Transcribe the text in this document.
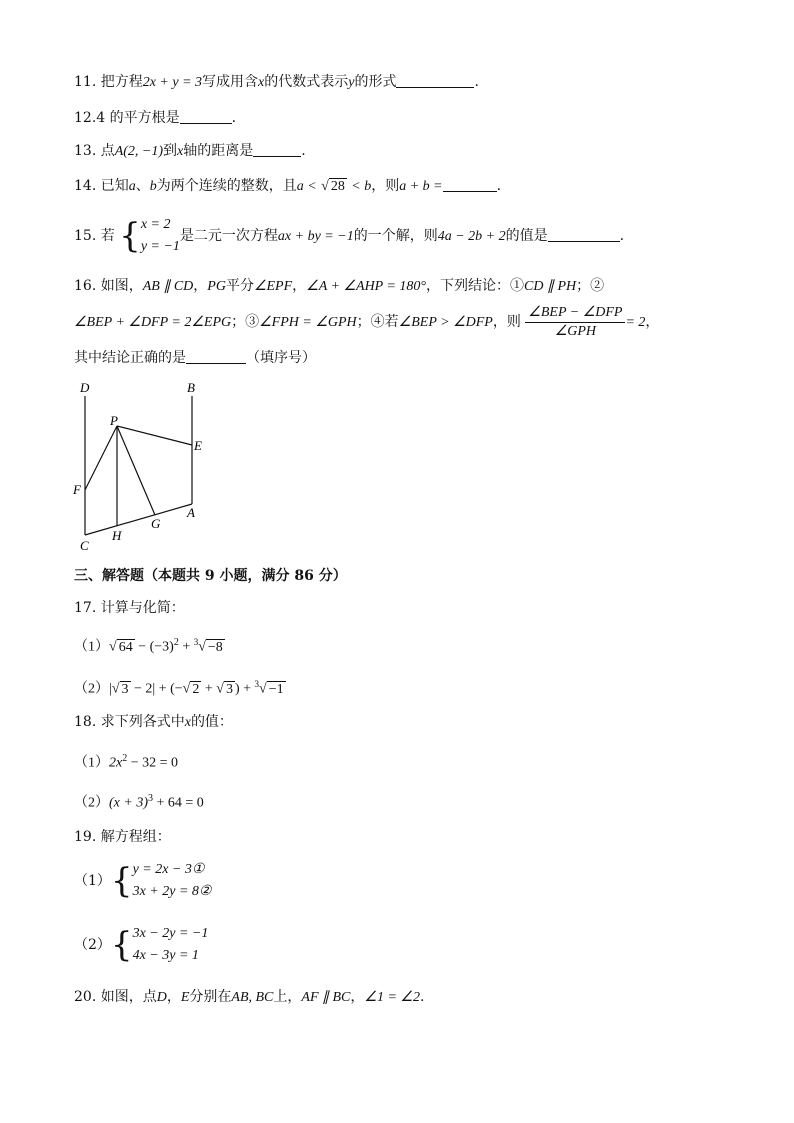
11. 把方程2x + y = 3写成用含x的代数式表示y的形式	.
12.4 的平方根是	.
13. 点A(2, −1)到x轴的距离是	.
14. 已知a、b为两个连续的整数，且a < √ 28 < b，则a + b =	.
15. 若 { x = 2
y = −1
是二元一次方程ax + by = −1的一个解，则4a − 2b + 2的值是	.
16. 如图，AB ∥ CD，PG平分∠EPF，∠A + ∠AHP = 180°，下列结论：①CD ∥ PH；②
∠BEP + ∠DFP = 2∠EPG；③∠FPH = ∠GPH；④若∠BEP > ∠DFP，则 $\frac{\text{∠BEP − ∠DFP}}{\text{∠GPH}} = 2$，
其中结论正确的是	（填序号）
D	B
P
E
F
G
A
H
C
三、解答题（本题共 9 小题，满分 86 分）
17. 计算与化简：
（1）√ $64 - (-3)^2 + ^3√ -8$
（2）|√ 3 − 2| + (−√ 2 + √ 3 ) + $^3$√ −1
18. 求下列各式中x的值：
$(1)2x^2 - 32 = 0$
$(2)(x + 3)^3 + 64 = 0$
19. 解方程组：
（1）{ y = 2x − 3①
3x + 2y = 8②
（2）{ 3x − 2y = −1
4x − 3y = 1
20. 如图，点D，E分别在AB, BC上，AF ∥ BC，∠1 = ∠2.
